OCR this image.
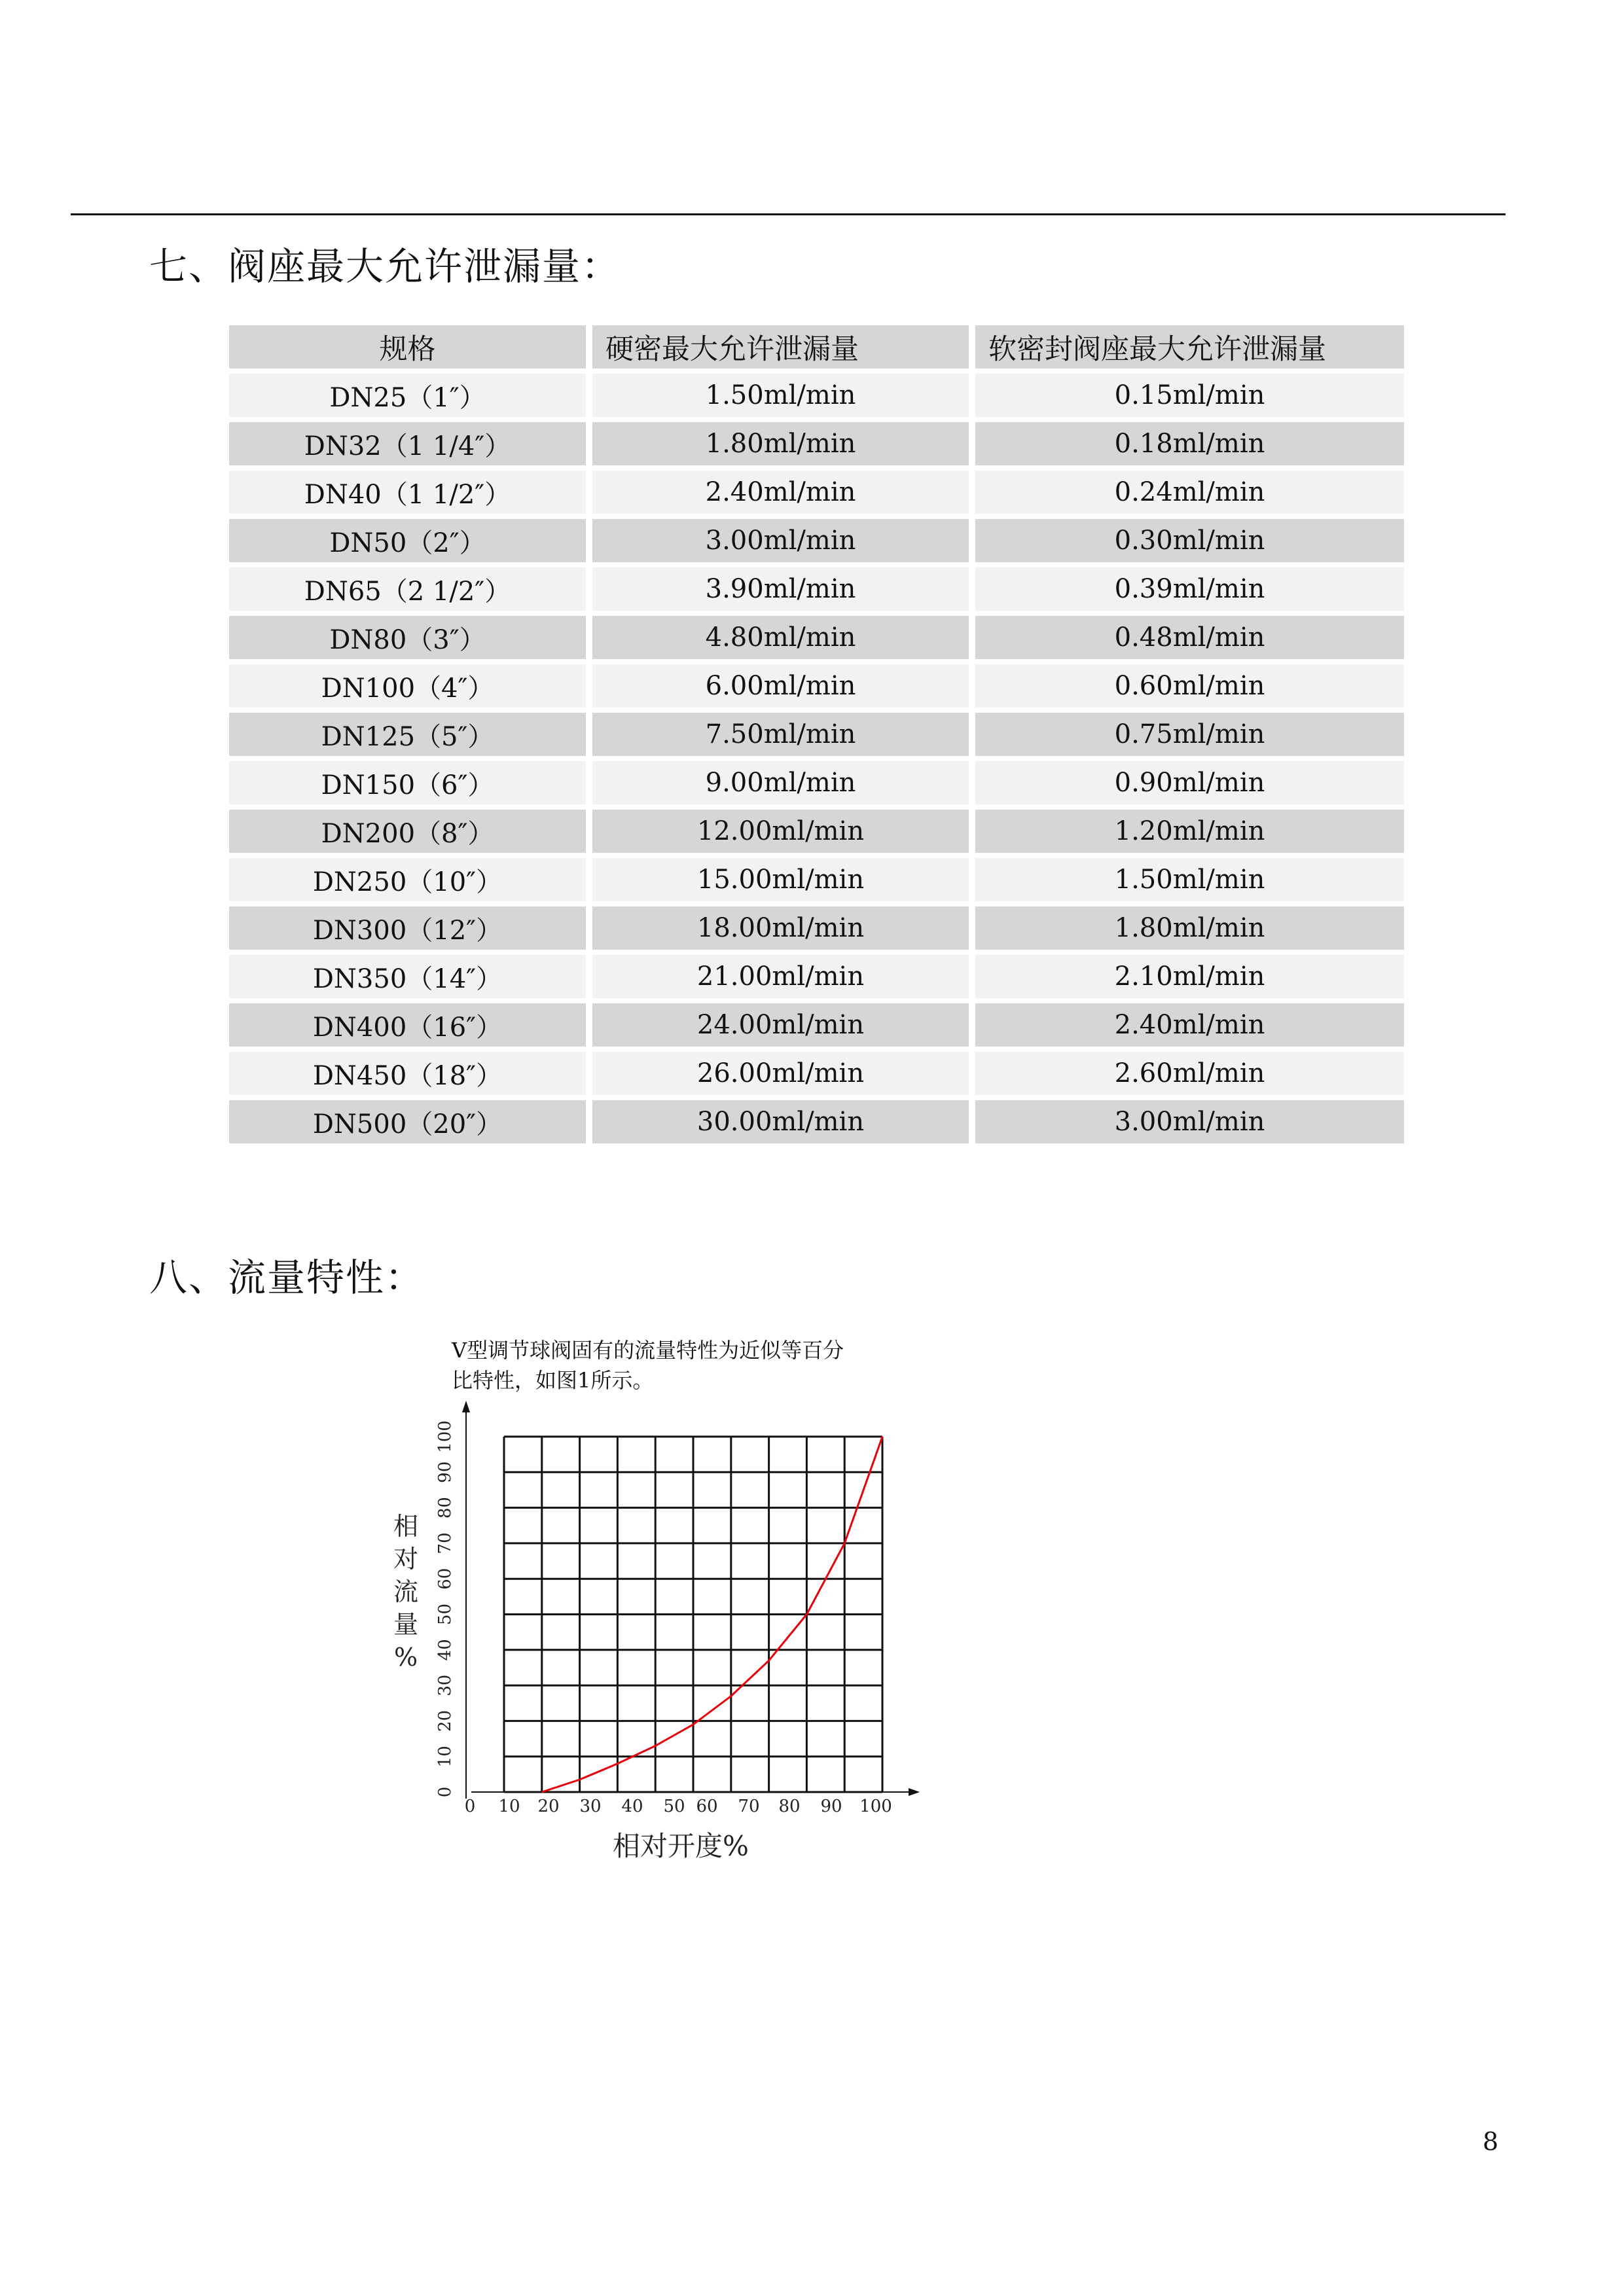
七、阀座最大允许泄漏量：
规格	硬密最大允许泄漏量	软密封阀座最大允许泄漏量
DN25（1″）	1.50ml/min	0.15ml/min
DN32（1 1/4″）	1.80ml/min	0.18ml/min
DN40（1 1/2″）	2.40ml/min	0.24ml/min
DN50（2″）	3.00ml/min	0.30ml/min
DN65（2 1/2″）	3.90ml/min	0.39ml/min
DN80（3″）	4.80ml/min	0.48ml/min
DN100（4″）	6.00ml/min	0.60ml/min
DN125（5″）	7.50ml/min	0.75ml/min
DN150（6″）	9.00ml/min	0.90ml/min
DN200（8″）	12.00ml/min	1.20ml/min
DN250（10″）	15.00ml/min	1.50ml/min
DN300（12″）	18.00ml/min	1.80ml/min
DN350（14″）	21.00ml/min	2.10ml/min
DN400（16″）	24.00ml/min	2.40ml/min
DN450（18″）	26.00ml/min	2.60ml/min
DN500（20″）	30.00ml/min	3.00ml/min
八、流量特性：
V型调节球阀固有的流量特性为近似等百分
比特性，如图1所示。
0 10 20 30 40 50 60 70 80 90 100
0
10
20
30
40
50
60
70
80
90
100
相
对
流
量
%
相对开度%
8
